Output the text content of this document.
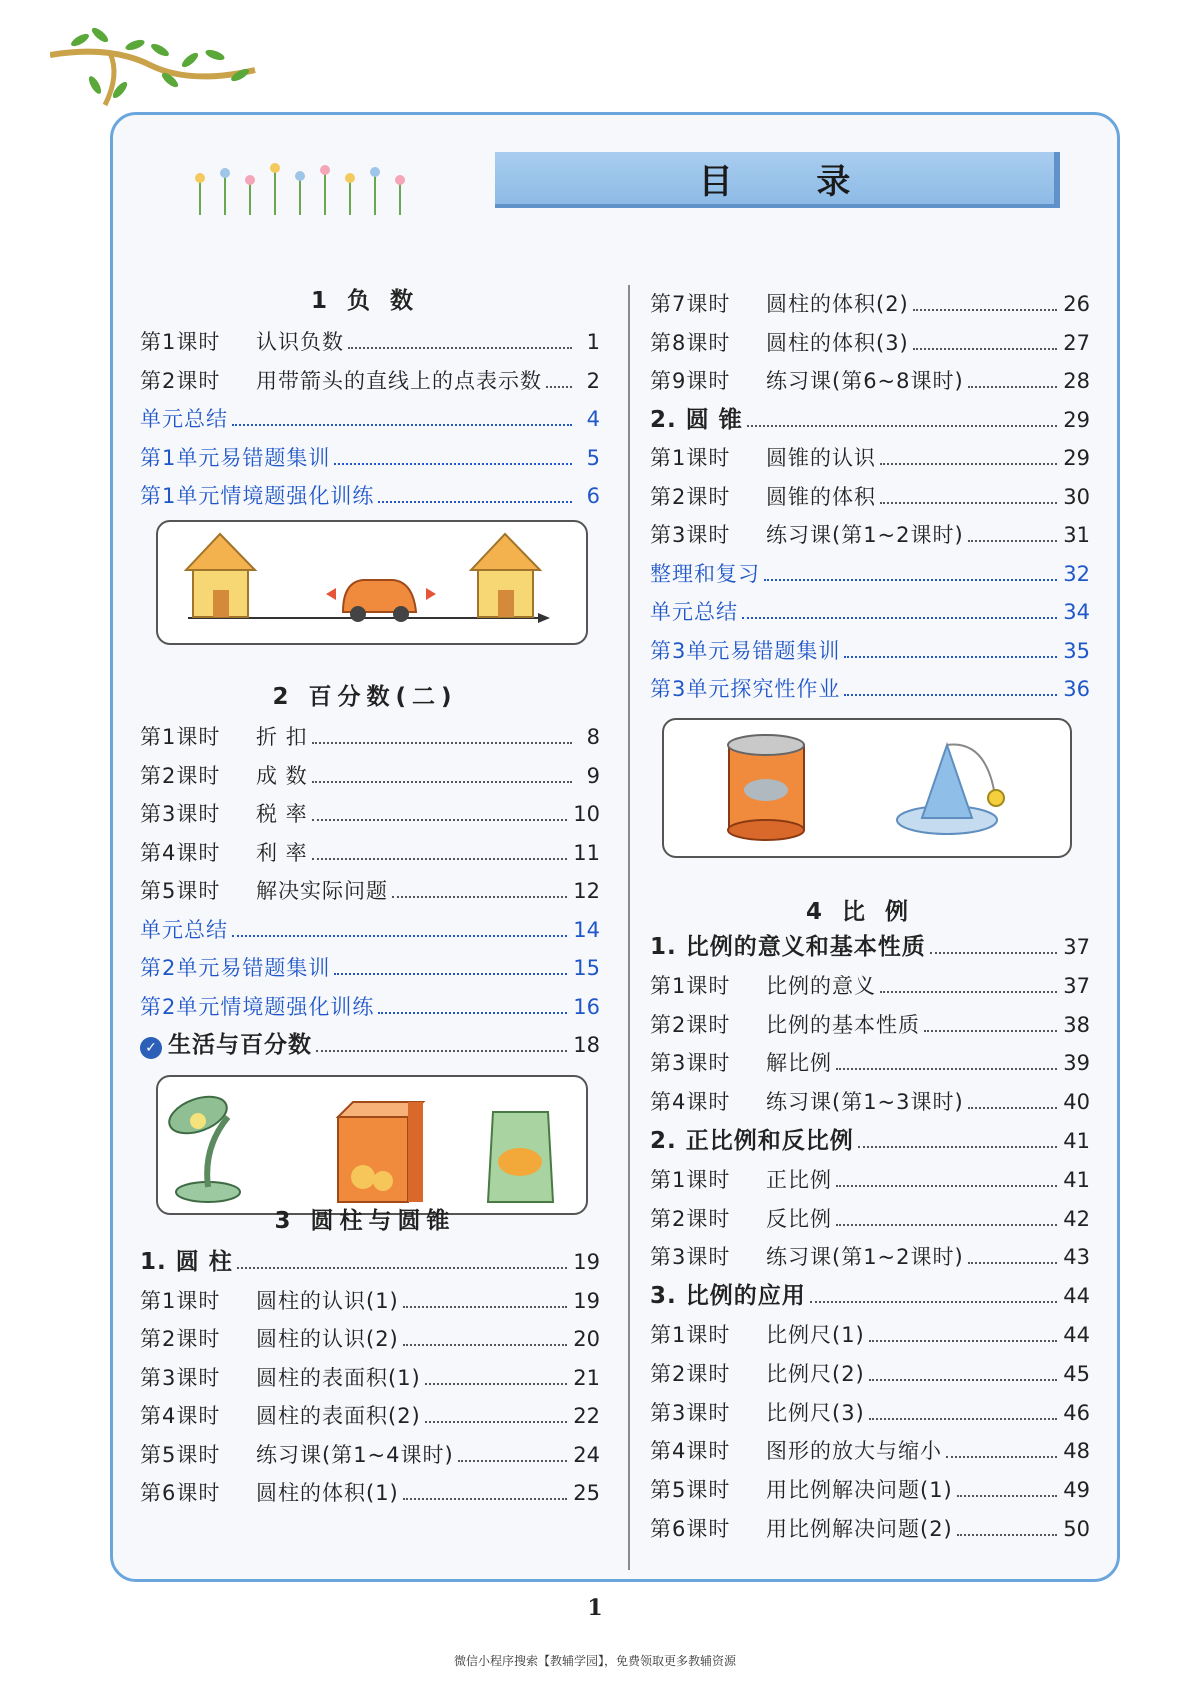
目 录
1 负 数
第1课时	认识负数	1
第2课时	用带箭头的直线上的点表示数	2
单元总结	4
第1单元易错题集训	5
第1单元情境题强化训练	6
2 百分数(二)
第1课时	折 扣	8
第2课时	成 数	9
第3课时	税 率	10
第4课时	利 率	11
第5课时	解决实际问题	12
单元总结	14
第2单元易错题集训	15
第2单元情境题强化训练	16
✓ 生活与百分数	18
3 圆柱与圆锥
1. 圆 柱	19
第1课时	圆柱的认识(1)	19
第2课时	圆柱的认识(2)	20
第3课时	圆柱的表面积(1)	21
第4课时	圆柱的表面积(2)	22
第5课时	练习课(第1~4课时)	24
第6课时	圆柱的体积(1)	25
第7课时	圆柱的体积(2)	26
第8课时	圆柱的体积(3)	27
第9课时	练习课(第6~8课时)	28
2. 圆 锥	29
第1课时	圆锥的认识	29
第2课时	圆锥的体积	30
第3课时	练习课(第1~2课时)	31
整理和复习	32
单元总结	34
第3单元易错题集训	35
第3单元探究性作业	36
4 比 例
1. 比例的意义和基本性质	37
第1课时	比例的意义	37
第2课时	比例的基本性质	38
第3课时	解比例	39
第4课时	练习课(第1~3课时)	40
2. 正比例和反比例	41
第1课时	正比例	41
第2课时	反比例	42
第3课时	练习课(第1~2课时)	43
3. 比例的应用	44
第1课时	比例尺(1)	44
第2课时	比例尺(2)	45
第3课时	比例尺(3)	46
第4课时	图形的放大与缩小	48
第5课时	用比例解决问题(1)	49
第6课时	用比例解决问题(2)	50
1
微信小程序搜索【教辅学园】，免费领取更多教辅资源
